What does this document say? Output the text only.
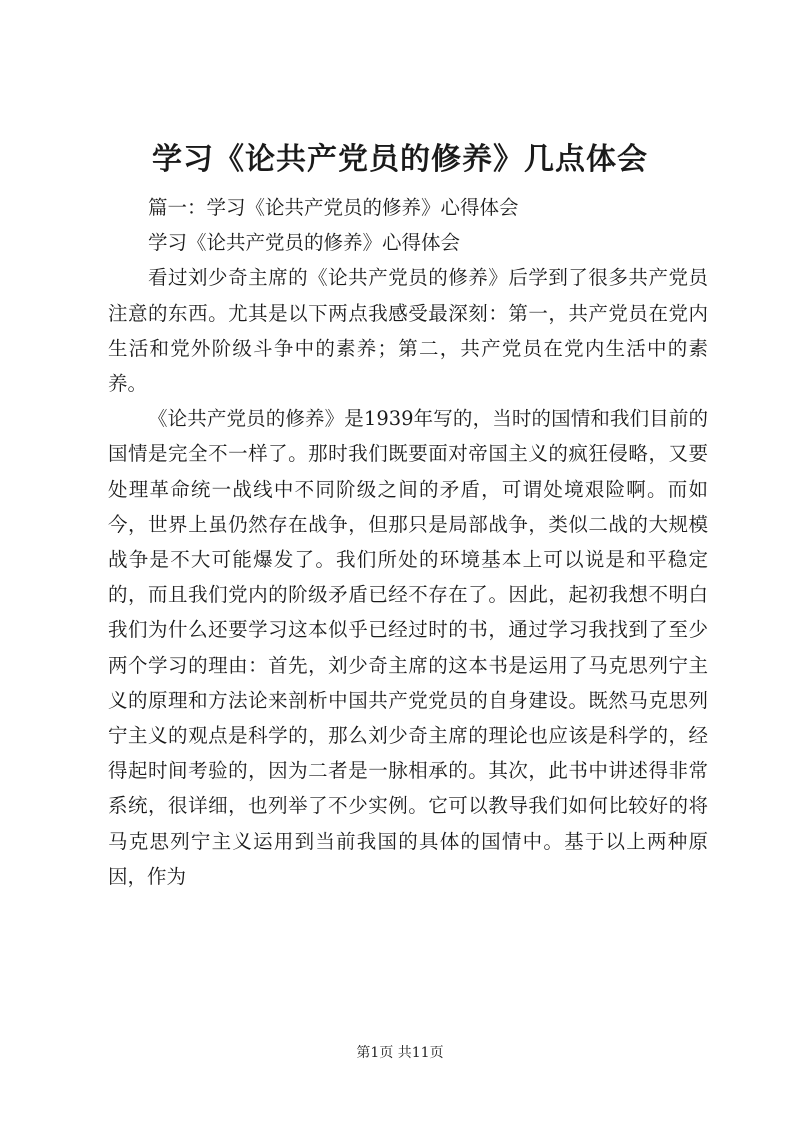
学习《论共产党员的修养》几点体会

篇一：学习《论共产党员的修养》心得体会

学习《论共产党员的修养》心得体会

看过刘少奇主席的《论共产党员的修养》后学到了很多共产党员注意的东西。尤其是以下两点我感受最深刻：第一，共产党员在党内生活和党外阶级斗争中的素养；第二，共产党员在党内生活中的素养。

《论共产党员的修养》是1939年写的，当时的国情和我们目前的国情是完全不一样了。那时我们既要面对帝国主义的疯狂侵略，又要处理革命统一战线中不同阶级之间的矛盾，可谓处境艰险啊。而如今，世界上虽仍然存在战争，但那只是局部战争，类似二战的大规模战争是不大可能爆发了。我们所处的环境基本上可以说是和平稳定的，而且我们党内的阶级矛盾已经不存在了。因此，起初我想不明白我们为什么还要学习这本似乎已经过时的书，通过学习我找到了至少两个学习的理由：首先，刘少奇主席的这本书是运用了马克思列宁主义的原理和方法论来剖析中国共产党党员的自身建设。既然马克思列宁主义的观点是科学的，那么刘少奇主席的理论也应该是科学的，经得起时间考验的，因为二者是一脉相承的。其次，此书中讲述得非常系统，很详细，也列举了不少实例。它可以教导我们如何比较好的将马克思列宁主义运用到当前我国的具体的国情中。基于以上两种原因，作为

第1页 共11页
